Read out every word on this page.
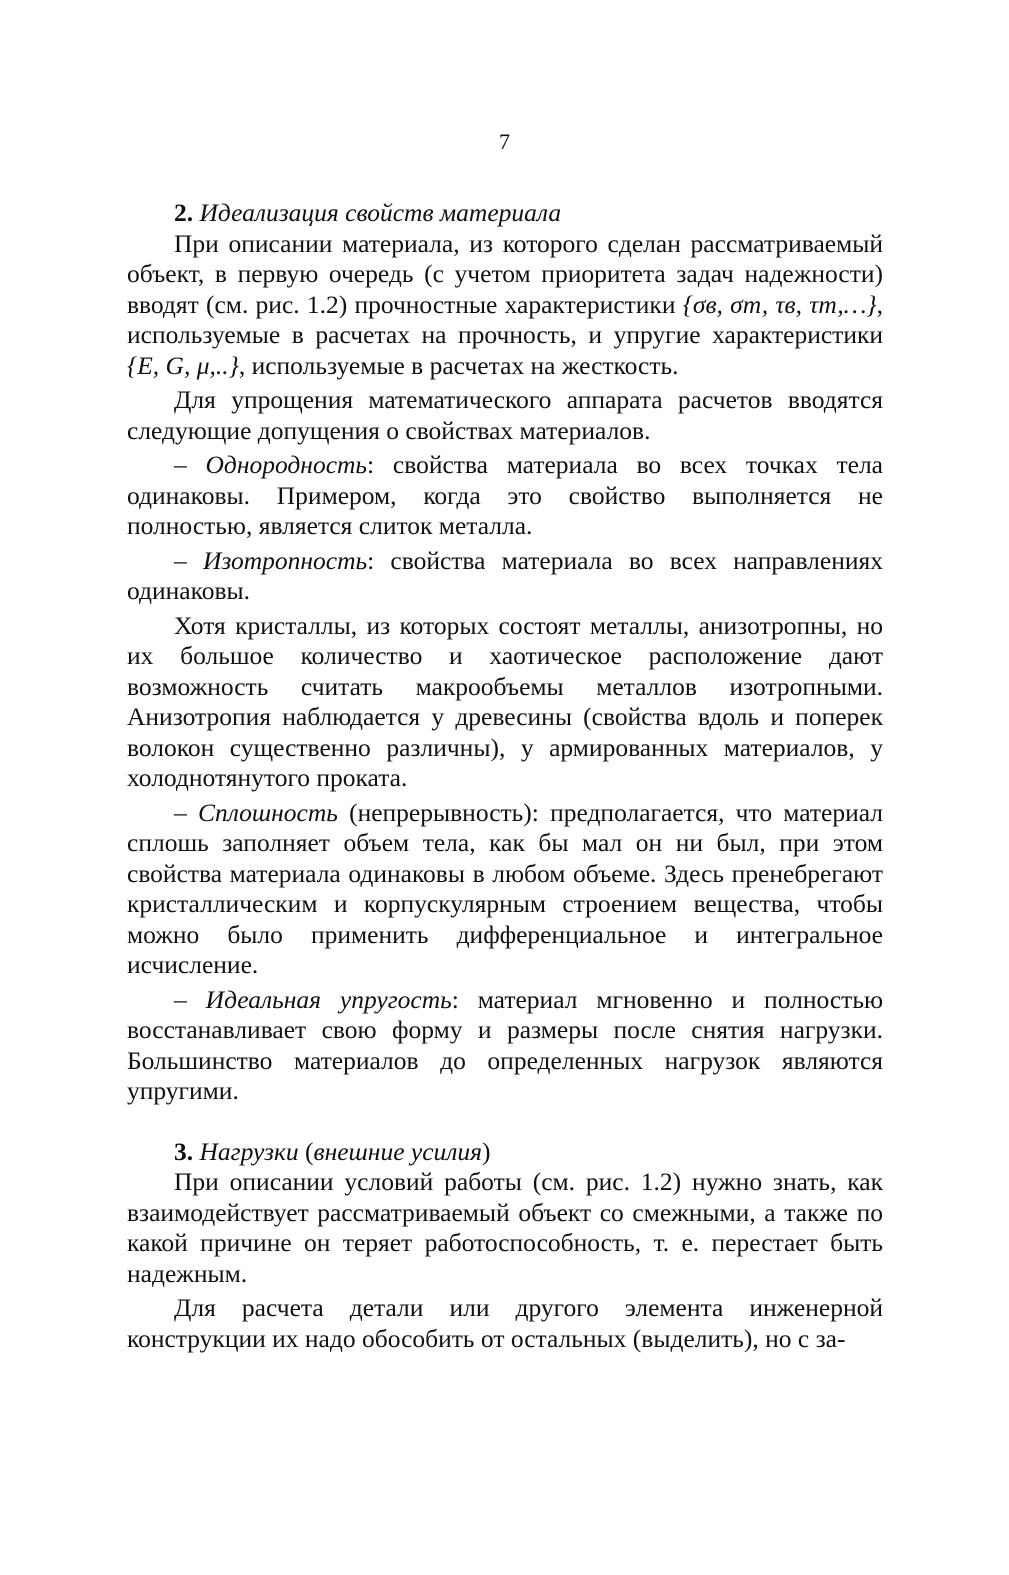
7
2. Идеализация свойств материала

При описании материала, из которого сделан рассматриваемый объект, в первую очередь (с учетом приоритета задач надежности) вводят (см. рис. 1.2) прочностные характеристики {σв, σт, τв, τт,…}, используемые в расчетах на прочность, и упругие характеристики {E, G, μ,..}, используемые в расчетах на жесткость.

Для упрощения математического аппарата расчетов вводятся следующие допущения о свойствах материалов.

– Однородность: свойства материала во всех точках тела одинаковы. Примером, когда это свойство выполняется не полностью, является слиток металла.

– Изотропность: свойства материала во всех направлениях одинаковы.

Хотя кристаллы, из которых состоят металлы, анизотропны, но их большое количество и хаотическое расположение дают возможность считать макрообъемы металлов изотропными. Анизотропия наблюдается у древесины (свойства вдоль и поперек волокон существенно различны), у армированных материалов, у холоднотянутого проката.

– Сплошность (непрерывность): предполагается, что материал сплошь заполняет объем тела, как бы мал он ни был, при этом свойства материала одинаковы в любом объеме. Здесь пренебрегают кристаллическим и корпускулярным строением вещества, чтобы можно было применить дифференциальное и интегральное исчисление.

– Идеальная упругость: материал мгновенно и полностью восстанавливает свою форму и размеры после снятия нагрузки. Большинство материалов до определенных нагрузок являются упругими.

3. Нагрузки (внешние усилия)

При описании условий работы (см. рис. 1.2) нужно знать, как взаимодействует рассматриваемый объект со смежными, а также по какой причине он теряет работоспособность, т. е. перестает быть надежным.

Для расчета детали или другого элемента инженерной конструкции их надо обособить от остальных (выделить), но с за-
